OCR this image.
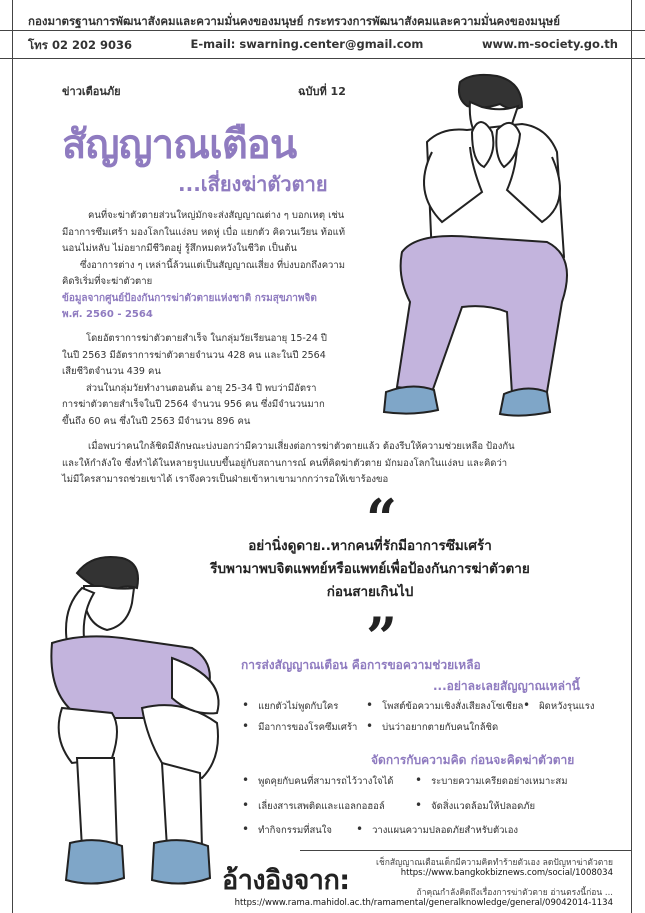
กองมาตรฐานการพัฒนาสังคมและความมั่นคงของมนุษย์ กระทรวงการพัฒนาสังคมและความมั่นคงของมนุษย์
โทร 02 202 9036	E-mail: swarning.center@gmail.com	www.m-society.go.th
ข่าวเตือนภัย	ฉบับที่ 12
สัญญาณเตือน
...เสี่ยงฆ่าตัวตาย
คนที่จะฆ่าตัวตายส่วนใหญ่มักจะส่งสัญญาณต่าง ๆ บอกเหตุ เช่น
มีอาการซึมเศร้า มองโลกในแง่ลบ หดหู่ เบื่อ แยกตัว คิดวนเวียน ท้อแท้
นอนไม่หลับ ไม่อยากมีชีวิตอยู่ รู้สึกหมดหวังในชีวิต เป็นต้น
ซึ่งอาการต่าง ๆ เหล่านี้ล้วนแต่เป็นสัญญาณเสี่ยง ที่บ่งบอกถึงความ
คิดริเริ่มที่จะฆ่าตัวตาย
ข้อมูลจากศูนย์ป้องกันการฆ่าตัวตายแห่งชาติ กรมสุขภาพจิต
พ.ศ. 2560 - 2564
โดยอัตราการฆ่าตัวตายสำเร็จ ในกลุ่มวัยเรียนอายุ 15-24 ปี
ในปี 2563 มีอัตราการฆ่าตัวตายจำนวน 428 คน และในปี 2564
เสียชีวิตจำนวน 439 คน
ส่วนในกลุ่มวัยทำงานตอนต้น อายุ 25-34 ปี พบว่ามีอัตรา
การฆ่าตัวตายสำเร็จในปี 2564 จำนวน 956 คน ซึ่งมีจำนวนมาก
ขึ้นถึง 60 คน ซึ่งในปี 2563 มีจำนวน 896 คน
เมื่อพบว่าคนใกล้ชิดมีลักษณะบ่งบอกว่ามีความเสี่ยงต่อการฆ่าตัวตายแล้ว ต้องรีบให้ความช่วยเหลือ ป้องกัน
และให้กำลังใจ ซึ่งทำได้ในหลายรูปแบบขึ้นอยู่กับสถานการณ์ คนที่คิดฆ่าตัวตาย มักมองโลกในแง่ลบ และคิดว่า
ไม่มีใครสามารถช่วยเขาได้ เราจึงควรเป็นฝ่ายเข้าหาเขามากกว่ารอให้เขาร้องขอ
“
อย่านิ่งดูดาย..หากคนที่รักมีอาการซึมเศร้า
รีบพามาพบจิตแพทย์หรือแพทย์เพื่อป้องกันการฆ่าตัวตาย
ก่อนสายเกินไป
”
การส่งสัญญาณเตือน คือการขอความช่วยเหลือ
...อย่าละเลยสัญญาณเหล่านี้
• แยกตัวไม่พูดกับใคร	• โพสต์ข้อความเชิงสั่งเสียลงโซเชียล	• ผิดหวังรุนแรง
• มีอาการของโรคซึมเศร้า	• บ่นว่าอยากตายกับคนใกล้ชิด
จัดการกับความคิด ก่อนจะคิดฆ่าตัวตาย
• พูดคุยกับคนที่สามารถไว้วางใจได้	• ระบายความเครียดอย่างเหมาะสม
• เลี่ยงสารเสพติดและแอลกอฮอล์	• จัดสิ่งแวดล้อมให้ปลอดภัย
• ทำกิจกรรมที่สนใจ	• วางแผนความปลอดภัยสำหรับตัวเอง
อ้างอิงจาก:
เช็กสัญญาณเตือนเด็กมีความคิดทำร้ายตัวเอง ลดปัญหาฆ่าตัวตาย
https://www.bangkokbiznews.com/social/1008034
ถ้าคุณกำลังคิดถึงเรื่องการฆ่าตัวตาย อ่านตรงนี้ก่อน ...
https://www.rama.mahidol.ac.th/ramamental/generalknowledge/general/09042014-1134
